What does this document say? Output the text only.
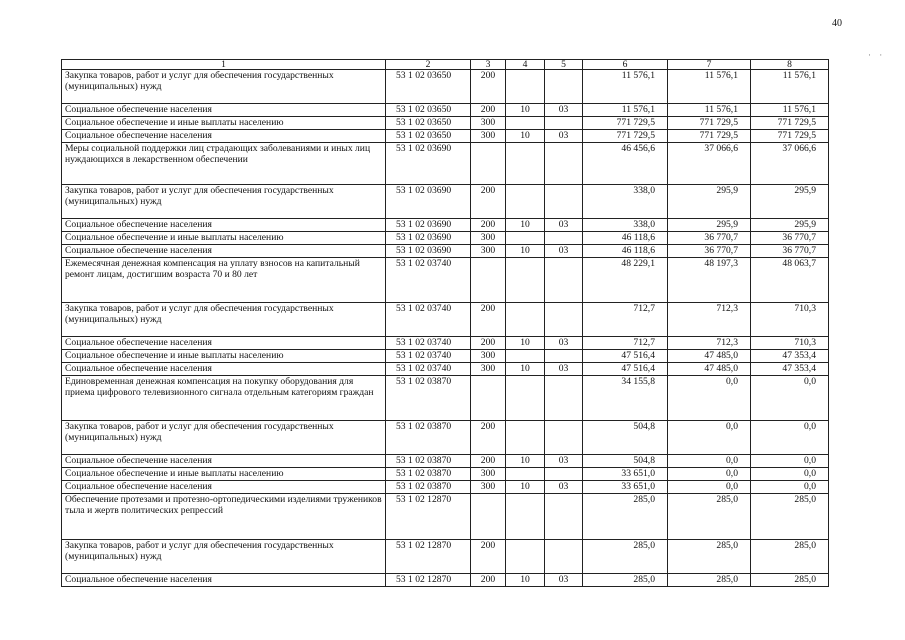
40
· ·
1	2	3	4	5	6	7	8
Закупка товаров, работ и услуг для обеспечения государственных (муниципальных) нужд	53 1 02 03650	200			11 576,1	11 576,1	11 576,1
Социальное обеспечение населения	53 1 02 03650	200	10	03	11 576,1	11 576,1	11 576,1
Социальное обеспечение и иные выплаты населению	53 1 02 03650	300			771 729,5	771 729,5	771 729,5
Социальное обеспечение населения	53 1 02 03650	300	10	03	771 729,5	771 729,5	771 729,5
Меры социальной поддержки лиц страдающих заболеваниями и иных лиц нуждающихся в лекарственном обеспечении	53 1 02 03690				46 456,6	37 066,6	37 066,6
Закупка товаров, работ и услуг для обеспечения государственных (муниципальных) нужд	53 1 02 03690	200			338,0	295,9	295,9
Социальное обеспечение населения	53 1 02 03690	200	10	03	338,0	295,9	295,9
Социальное обеспечение и иные выплаты населению	53 1 02 03690	300			46 118,6	36 770,7	36 770,7
Социальное обеспечение населения	53 1 02 03690	300	10	03	46 118,6	36 770,7	36 770,7
Ежемесячная денежная компенсация на уплату взносов на капитальный ремонт лицам, достигшим возраста 70 и 80 лет	53 1 02 03740				48 229,1	48 197,3	48 063,7
Закупка товаров, работ и услуг для обеспечения государственных (муниципальных) нужд	53 1 02 03740	200			712,7	712,3	710,3
Социальное обеспечение населения	53 1 02 03740	200	10	03	712,7	712,3	710,3
Социальное обеспечение и иные выплаты населению	53 1 02 03740	300			47 516,4	47 485,0	47 353,4
Социальное обеспечение населения	53 1 02 03740	300	10	03	47 516,4	47 485,0	47 353,4
Единовременная денежная компенсация на покупку оборудования для приема цифрового телевизионного сигнала отдельным категориям граждан	53 1 02 03870				34 155,8	0,0	0,0
Закупка товаров, работ и услуг для обеспечения государственных (муниципальных) нужд	53 1 02 03870	200			504,8	0,0	0,0
Социальное обеспечение населения	53 1 02 03870	200	10	03	504,8	0,0	0,0
Социальное обеспечение и иные выплаты населению	53 1 02 03870	300			33 651,0	0,0	0,0
Социальное обеспечение населения	53 1 02 03870	300	10	03	33 651,0	0,0	0,0
Обеспечение протезами и протезно-ортопедическими изделиями тружеников тыла и жертв политических репрессий	53 1 02 12870				285,0	285,0	285,0
Закупка товаров, работ и услуг для обеспечения государственных (муниципальных) нужд	53 1 02 12870	200			285,0	285,0	285,0
Социальное обеспечение населения	53 1 02 12870	200	10	03	285,0	285,0	285,0
